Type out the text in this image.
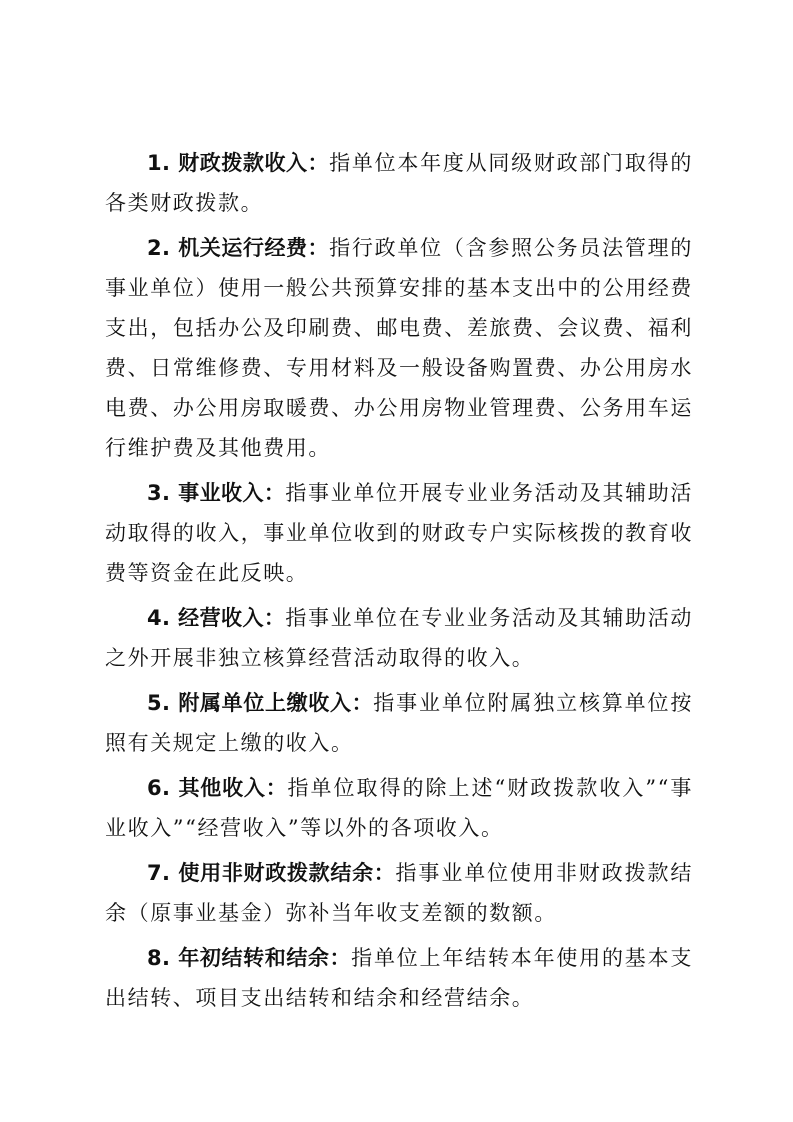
1. 财政拨款收入：指单位本年度从同级财政部门取得的各类财政拨款。

2. 机关运行经费：指行政单位（含参照公务员法管理的事业单位）使用一般公共预算安排的基本支出中的公用经费支出，包括办公及印刷费、邮电费、差旅费、会议费、福利费、日常维修费、专用材料及一般设备购置费、办公用房水电费、办公用房取暖费、办公用房物业管理费、公务用车运行维护费及其他费用。

3. 事业收入：指事业单位开展专业业务活动及其辅助活动取得的收入，事业单位收到的财政专户实际核拨的教育收费等资金在此反映。

4. 经营收入：指事业单位在专业业务活动及其辅助活动之外开展非独立核算经营活动取得的收入。

5. 附属单位上缴收入：指事业单位附属独立核算单位按照有关规定上缴的收入。

6. 其他收入：指单位取得的除上述“财政拨款收入”“事业收入”“经营收入”等以外的各项收入。

7. 使用非财政拨款结余：指事业单位使用非财政拨款结余（原事业基金）弥补当年收支差额的数额。

8. 年初结转和结余：指单位上年结转本年使用的基本支出结转、项目支出结转和结余和经营结余。
